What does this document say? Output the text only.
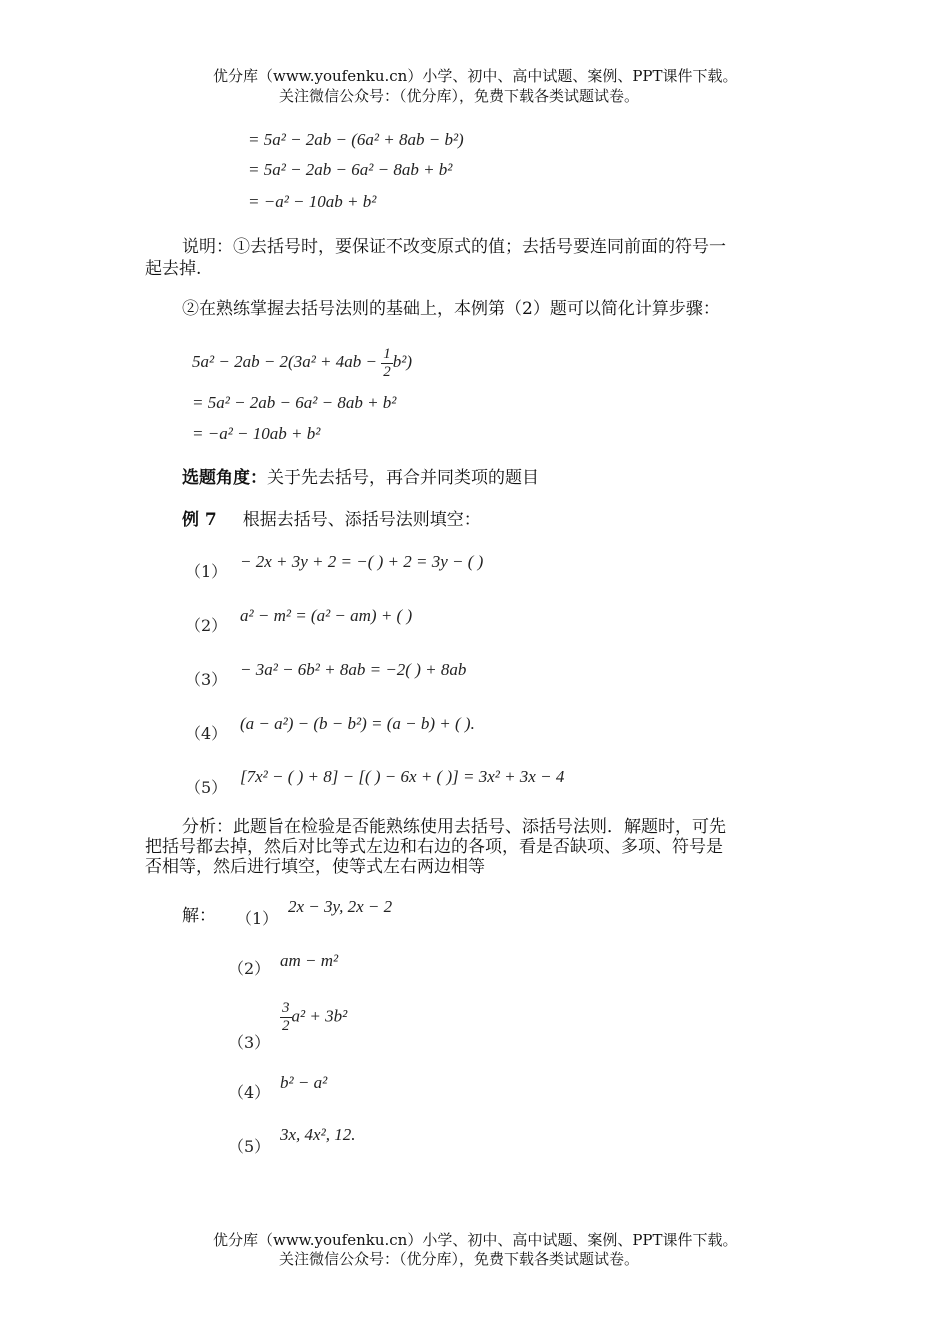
优分库（www.youfenku.cn）小学、初中、高中试题、案例、PPT课件下载。
关注微信公众号：（优分库），免费下载各类试题试卷。
= 5a² − 2ab − (6a² + 8ab − b²)
= 5a² − 2ab − 6a² − 8ab + b²
= −a² − 10ab + b²
说明：①去括号时，要保证不改变原式的值；去括号要连同前面的符号一
起去掉.
②在熟练掌握去括号法则的基础上，本例第（2）题可以简化计算步骤：
$5a^2 - 2ab - 2(3a^2 + 4ab - \frac{1}{2} b^2)$
= 5a² − 2ab − 6a² − 8ab + b²
= −a² − 10ab + b²
选题角度：关于先去括号，再合并同类项的题目
例 7 根据去括号、添括号法则填空：
（1）
− 2x + 3y + 2 = −( ) + 2 = 3y − ( )
（2）
a² − m² = (a² − am) + ( )
（3）
− 3a² − 6b² + 8ab = −2( ) + 8ab
（4）
(a − a²) − (b − b²) = (a − b) + ( ).
（5）
[7x² − ( ) + 8] − [( ) − 6x + ( )] = 3x² + 3x − 4
分析：此题旨在检验是否能熟练使用去括号、添括号法则．解题时，可先
把括号都去掉，然后对比等式左边和右边的各项，看是否缺项、多项、符号是
否相等，然后进行填空，使等式左右两边相等
解： （1）
2x − 3y, 2x − 2
（2） am − m²
（3）
$\frac{3}{2} a^2 + 3b^2$
（4）
b² − a²
（5）
3x, 4x², 12.
优分库（www.youfenku.cn）小学、初中、高中试题、案例、PPT课件下载。
关注微信公众号：（优分库），免费下载各类试题试卷。
